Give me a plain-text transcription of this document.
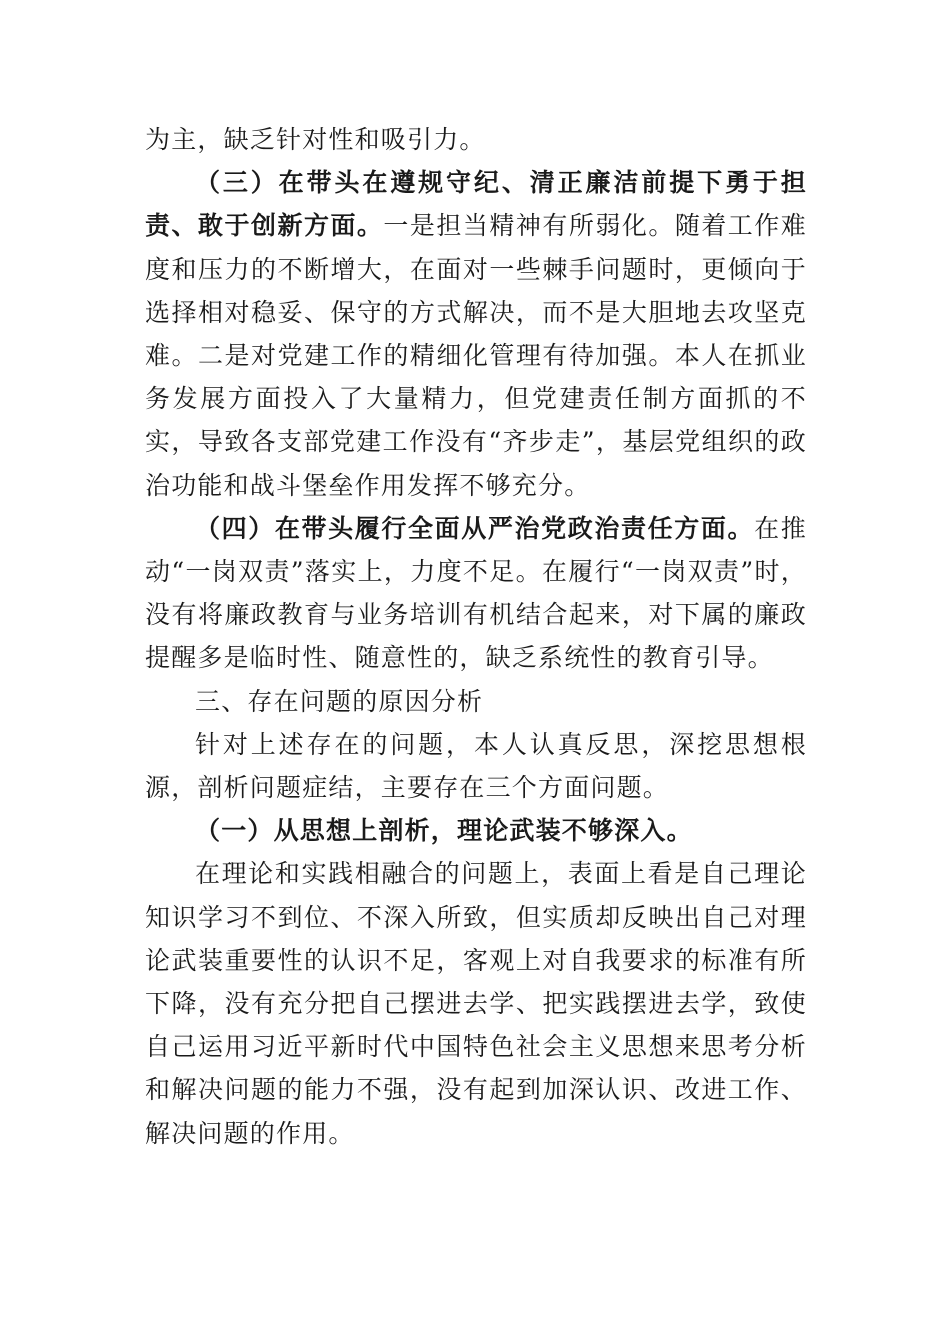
为主，缺乏针对性和吸引力。

（三）在带头在遵规守纪、清正廉洁前提下勇于担责、敢于创新方面。一是担当精神有所弱化。随着工作难度和压力的不断增大，在面对一些棘手问题时，更倾向于选择相对稳妥、保守的方式解决，而不是大胆地去攻坚克难。二是对党建工作的精细化管理有待加强。本人在抓业务发展方面投入了大量精力，但党建责任制方面抓的不实，导致各支部党建工作没有“齐步走”，基层党组织的政治功能和战斗堡垒作用发挥不够充分。

（四）在带头履行全面从严治党政治责任方面。在推动“一岗双责”落实上，力度不足。在履行“一岗双责”时，没有将廉政教育与业务培训有机结合起来，对下属的廉政提醒多是临时性、随意性的，缺乏系统性的教育引导。

三、存在问题的原因分析

针对上述存在的问题，本人认真反思，深挖思想根源，剖析问题症结，主要存在三个方面问题。

（一）从思想上剖析，理论武装不够深入。

在理论和实践相融合的问题上，表面上看是自己理论知识学习不到位、不深入所致，但实质却反映出自己对理论武装重要性的认识不足，客观上对自我要求的标准有所下降，没有充分把自己摆进去学、把实践摆进去学，致使自己运用习近平新时代中国特色社会主义思想来思考分析和解决问题的能力不强，没有起到加深认识、改进工作、解决问题的作用。
